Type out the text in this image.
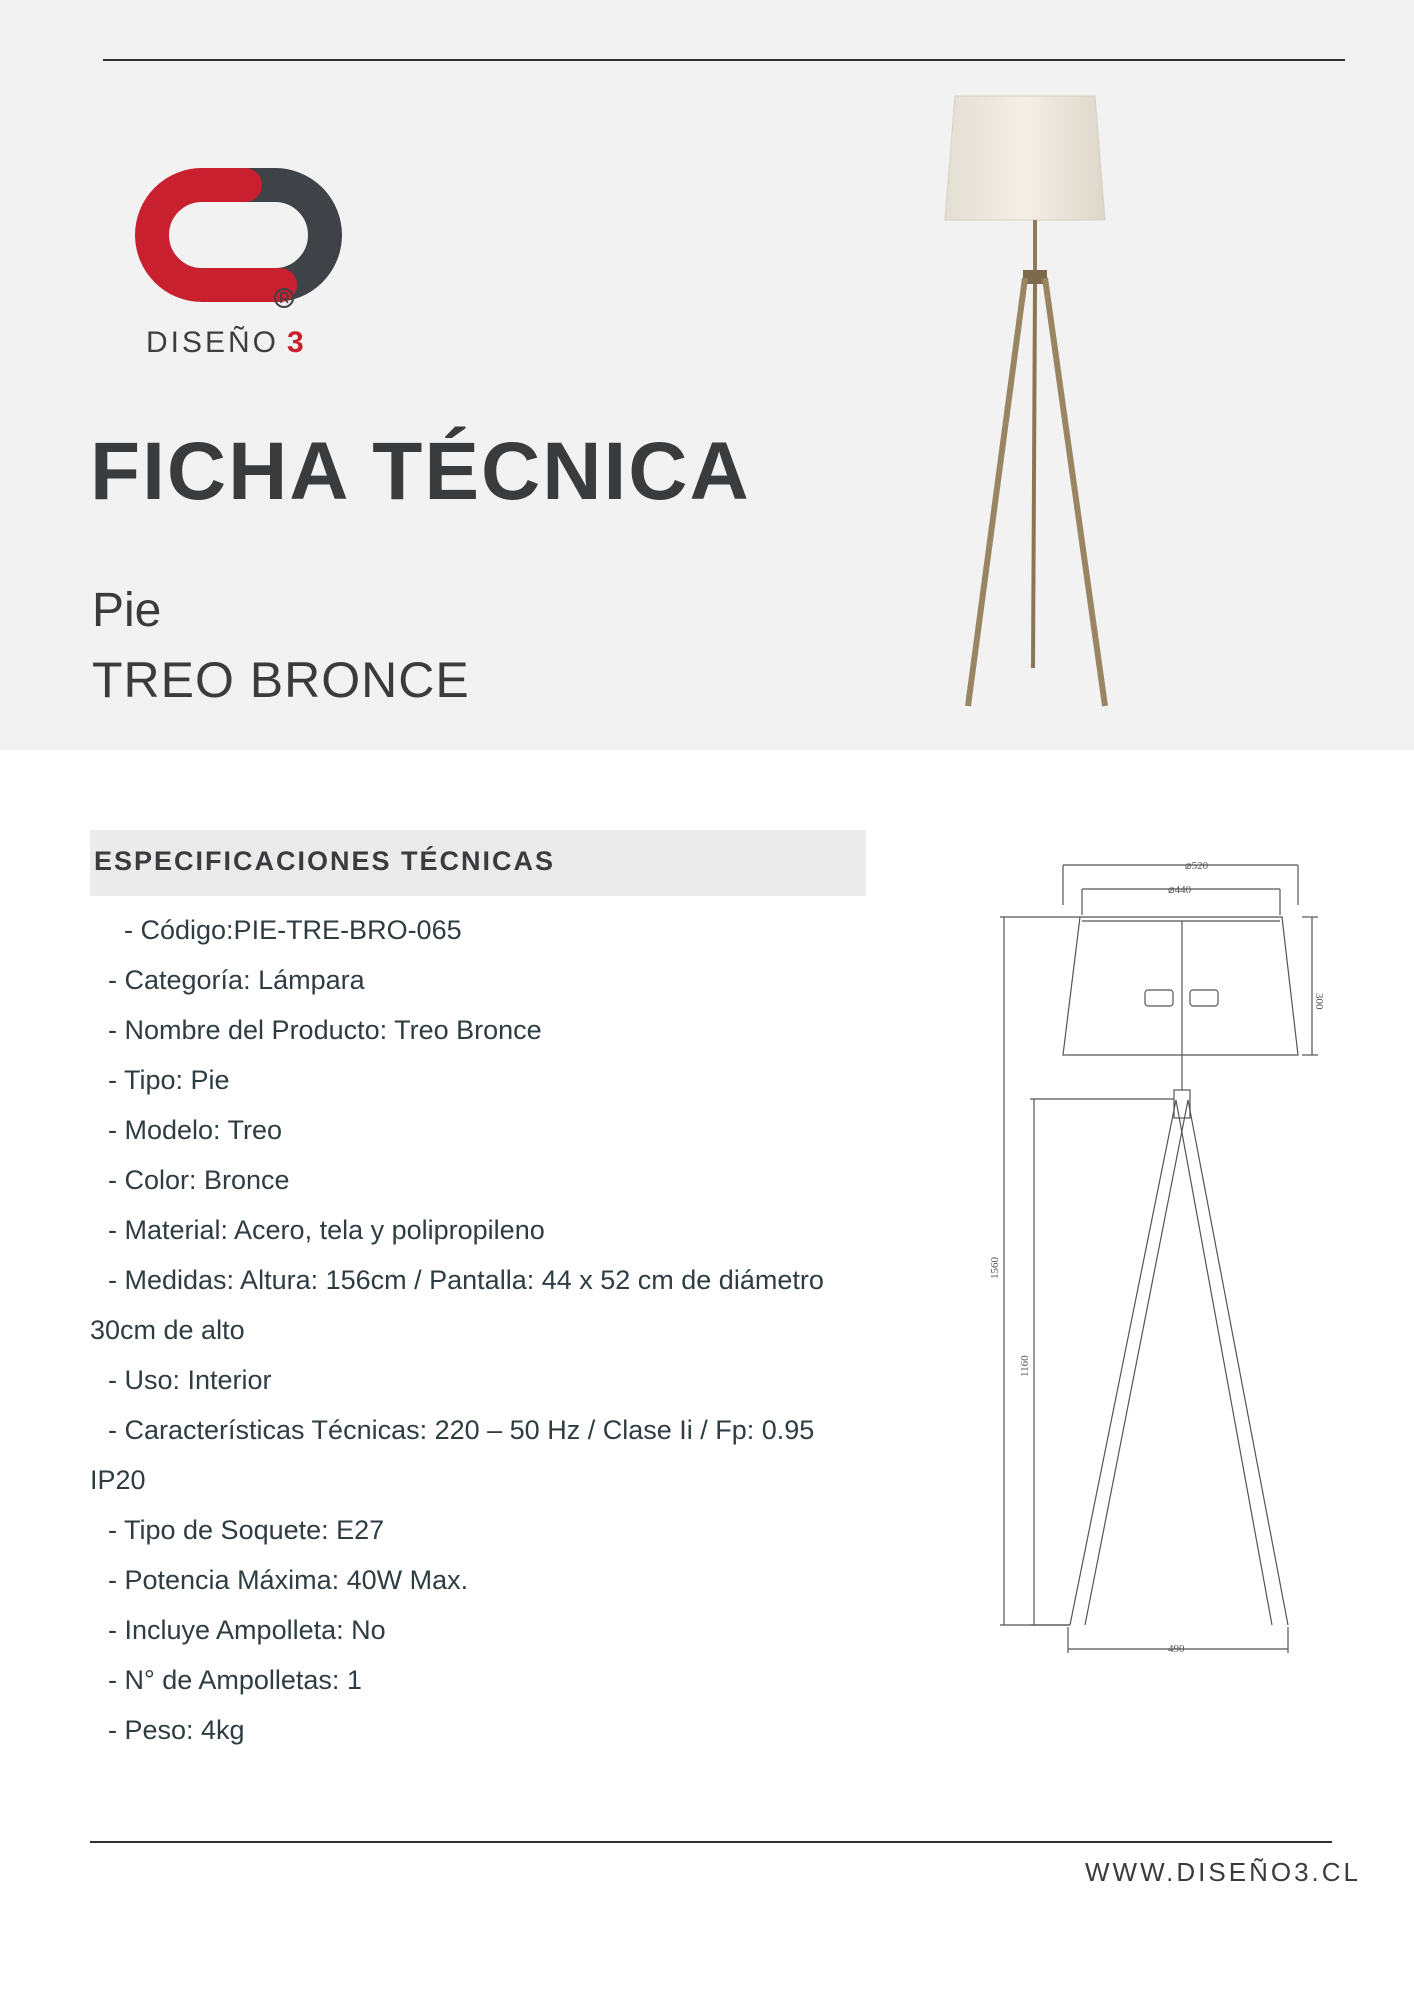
DISEÑO 3
FICHA TÉCNICA
Pie
TREO BRONCE
ESPECIFICACIONES TÉCNICAS
- Código:PIE-TRE-BRO-065
- Categoría: Lámpara
- Nombre del Producto: Treo Bronce
- Tipo: Pie
- Modelo: Treo
- Color: Bronce
- Material: Acero, tela y polipropileno
- Medidas: Altura: 156cm / Pantalla: 44 x 52 cm de diámetro
30cm de alto
- Uso: Interior
- Características Técnicas: 220 – 50 Hz / Clase Ii / Fp: 0.95
IP20
- Tipo de Soquete: E27
- Potencia Máxima: 40W Max.
- Incluye Ampolleta: No
- N° de Ampolletas: 1
- Peso: 4kg
⌀520
⌀440
300
1560
1160
490
WWW.DISEÑO3.CL
